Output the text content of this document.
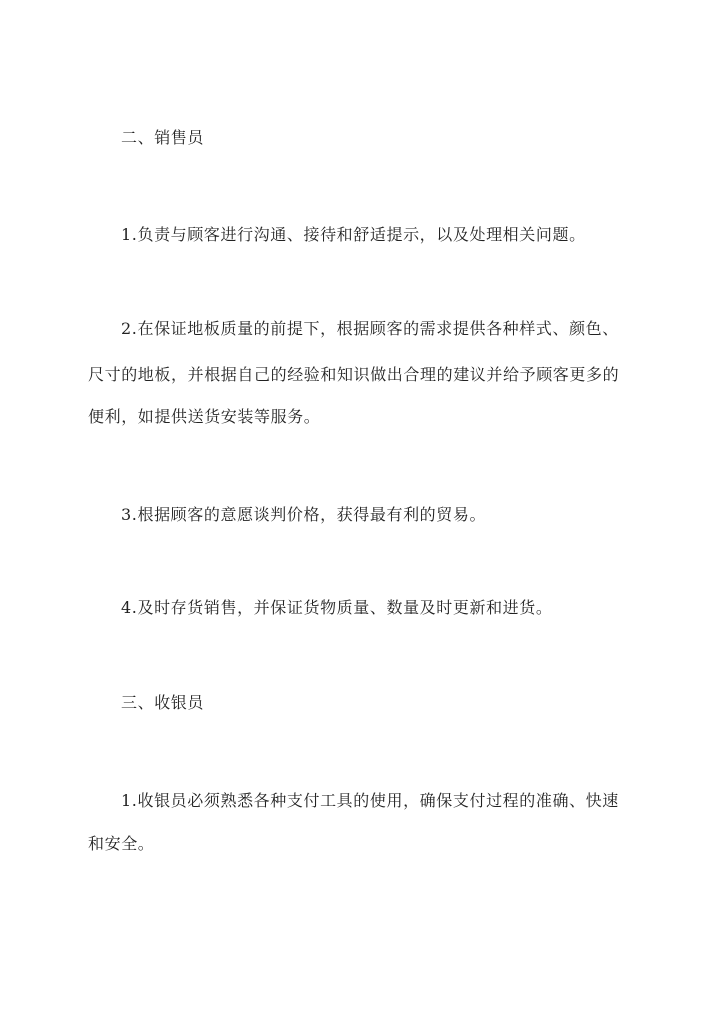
二、销售员
1.负责与顾客进行沟通、接待和舒适提示，以及处理相关问题。
2.在保证地板质量的前提下，根据顾客的需求提供各种样式、颜色、
尺寸的地板，并根据自己的经验和知识做出合理的建议并给予顾客更多的
便利，如提供送货安装等服务。
3.根据顾客的意愿谈判价格，获得最有利的贸易。
4.及时存货销售，并保证货物质量、数量及时更新和进货。
三、收银员
1.收银员必须熟悉各种支付工具的使用，确保支付过程的准确、快速
和安全。
